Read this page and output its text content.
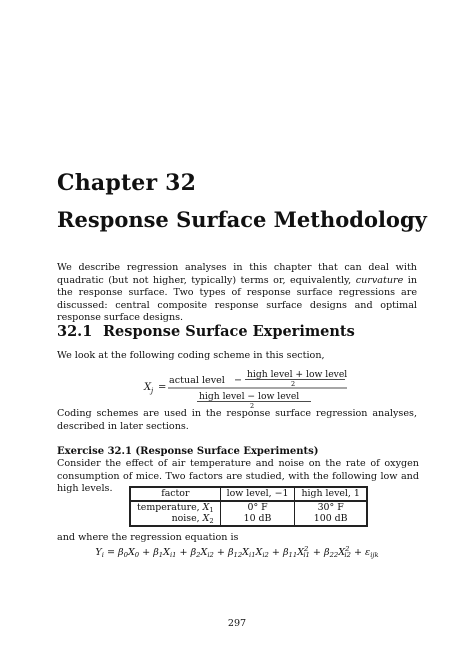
Chapter 32
Response Surface Methodology
We describe regression analyses in this chapter that can deal with quadratic (but not higher, typically) terms or, equivalently, curvature in the response surface. Two types of response surface regressions are discussed: central composite response surface designs and optimal response surface designs.
32.1 Response Surface Experiments
We look at the following coding scheme in this section,
X j =
actual level −
high level + low level
2
high level − low level
2
Coding schemes are used in the response surface regression analyses, described in later sections.
Exercise 32.1 (Response Surface Experiments)
Consider the effect of air temperature and noise on the rate of oxygen consumption of mice. Two factors are studied, with the following low and high levels.	factor	low level, −1	high level, 1
temperature, $X_1$	0° F	30° F
noise, $X_2$	10 dB	100 dB
and where the regression equation is
$Y_i = \beta_0X_0 + \beta_1X_{i1} + \beta_2X_{i2} + \beta_{12}X_{i1}X_{i2} + \beta_{11}X^2_{i1} + \beta_{22}X^2_{i2} + \varepsilon_{ijk}$
297
